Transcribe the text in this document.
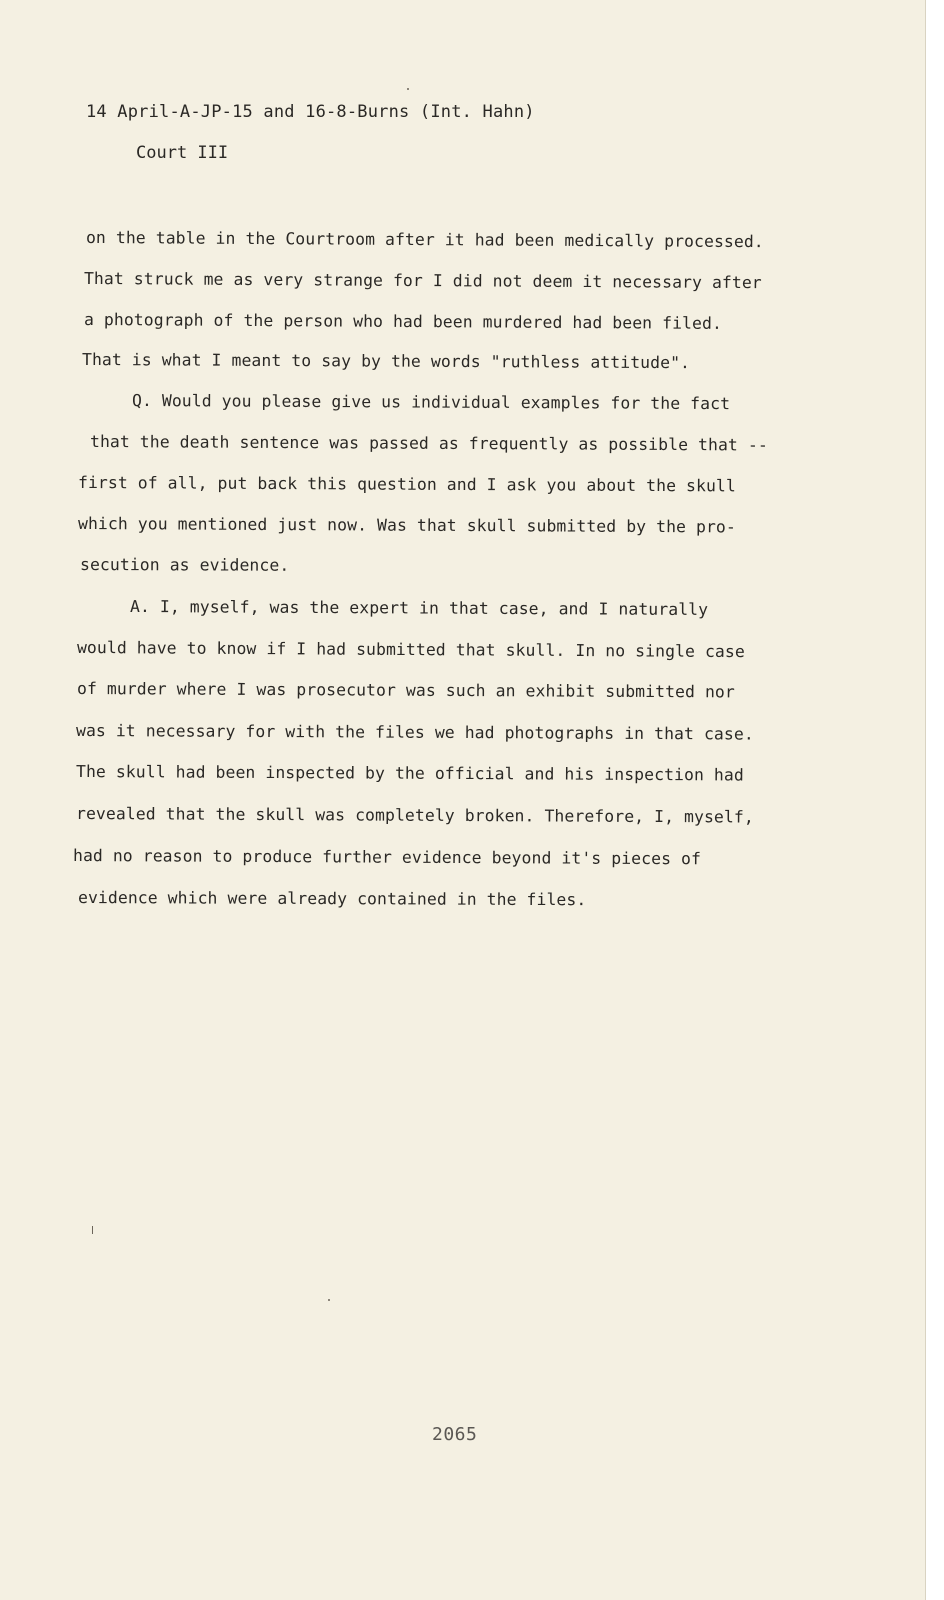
14 April-A-JP-15 and 16-8-Burns (Int. Hahn)
Court III
on the table in the Courtroom after it had been medically processed.
That struck me as very strange for I did not deem it necessary after
a photograph of the person who had been murdered had been filed.
That is what I meant to say by the words "ruthless attitude".
Q. Would you please give us individual examples for the fact
that the death sentence was passed as frequently as possible that --
first of all, put back this question and I ask you about the skull
which you mentioned just now. Was that skull submitted by the pro-
secution as evidence.
A. I, myself, was the expert in that case, and I naturally
would have to know if I had submitted that skull. In no single case
of murder where I was prosecutor was such an exhibit submitted nor
was it necessary for with the files we had photographs in that case.
The skull had been inspected by the official and his inspection had
revealed that the skull was completely broken. Therefore, I, myself,
had no reason to produce further evidence beyond it's pieces of
evidence which were already contained in the files.
2065
